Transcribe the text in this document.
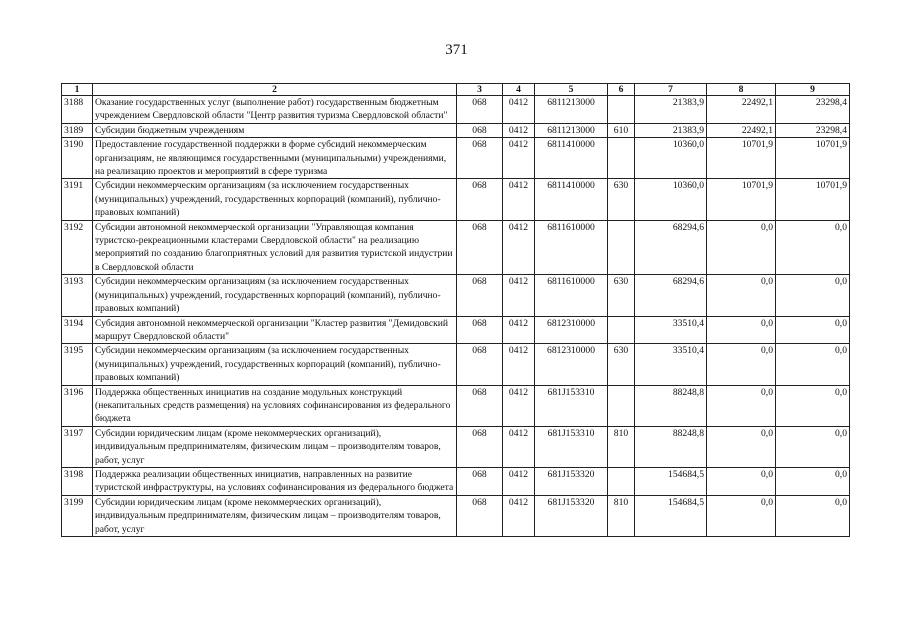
371
1	2	3	4	5	6	7	8	9
3188	Оказание государственных услуг (выполнение работ) государственным бюджетным учреждением Свердловской области "Центр развития туризма Свердловской области"	068	0412	6811213000		21383,9	22492,1	23298,4
3189	Субсидии бюджетным учреждениям	068	0412	6811213000	610	21383,9	22492,1	23298,4
3190	Предоставление государственной поддержки в форме субсидий некоммерческим организациям, не являющимся государственными (муниципальными) учреждениями, на реализацию проектов и мероприятий в сфере туризма	068	0412	6811410000		10360,0	10701,9	10701,9
3191	Субсидии некоммерческим организациям (за исключением государственных (муниципальных) учреждений, государственных корпораций (компаний), публично-правовых компаний)	068	0412	6811410000	630	10360,0	10701,9	10701,9
3192	Субсидии автономной некоммерческой организации "Управляющая компания туристско-рекреационными кластерами Свердловской области" на реализацию мероприятий по созданию благоприятных условий для развития туристской индустрии в Свердловской области	068	0412	6811610000		68294,6	0,0	0,0
3193	Субсидии некоммерческим организациям (за исключением государственных (муниципальных) учреждений, государственных корпораций (компаний), публично-правовых компаний)	068	0412	6811610000	630	68294,6	0,0	0,0
3194	Субсидия автономной некоммерческой организации "Кластер развития "Демидовский маршрут Свердловской области"	068	0412	6812310000		33510,4	0,0	0,0
3195	Субсидии некоммерческим организациям (за исключением государственных (муниципальных) учреждений, государственных корпораций (компаний), публично-правовых компаний)	068	0412	6812310000	630	33510,4	0,0	0,0
3196	Поддержка общественных инициатив на создание модульных конструкций (некапитальных средств размещения) на условиях софинансирования из федерального бюджета	068	0412	681J153310		88248,8	0,0	0,0
3197	Субсидии юридическим лицам (кроме некоммерческих организаций), индивидуальным предпринимателям, физическим лицам – производителям товаров, работ, услуг	068	0412	681J153310	810	88248,8	0,0	0,0
3198	Поддержка реализации общественных инициатив, направленных на развитие туристской инфраструктуры, на условиях софинансирования из федерального бюджета	068	0412	681J153320		154684,5	0,0	0,0
3199	Субсидии юридическим лицам (кроме некоммерческих организаций), индивидуальным предпринимателям, физическим лицам – производителям товаров, работ, услуг	068	0412	681J153320	810	154684,5	0,0	0,0
